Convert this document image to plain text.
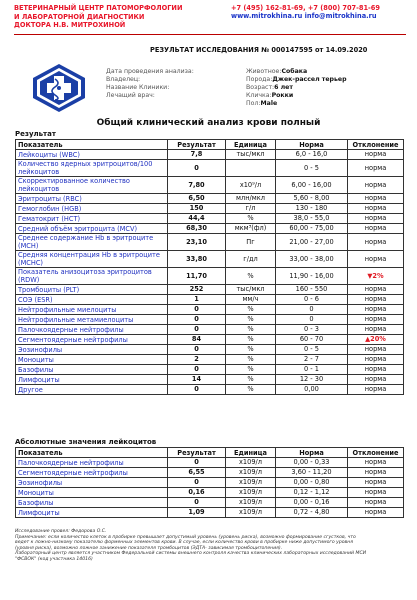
ВЕТЕРИНАРНЫЙ ЦЕНТР ПАТОМОРФОЛОГИИ
И ЛАБОРАТОРНОЙ ДИАГНОСТИКИ
ДОКТОРА Н.В. МИТРОХИНОЙ
+7 (495) 162-81-69, +7 (800) 707-81-69
www.mitrokhina.ru info@mitrokhina.ru
РЕЗУЛЬТАТ ИССЛЕДОВАНИЯ № 000147595 от 14.09.2020
Дата проведения анализа:
Владелец:
Название Клиники:
Лечащий врач:
Животное:Собака
Порода:Джек-рассел терьер
Возраст:6 лет
Кличка:Рокки
Пол:Male
Общий клинический анализ крови полный
Результат
Показатель	Результат	Единица	Норма	Отклонение
Лейкоциты (WBC)	7,8	тыс/мкл	6,0 - 16,0	норма
Количество ядерных эритроцитов/100 лейкоцитов	0		0 - 5	норма
Скорректированное количество лейкоцитов	7,80	х10⁹/л	6,00 - 16,00	норма
Эритроциты (RBC)	6,50	млн/мкл	5,60 - 8,00	норма
Гемоглобин (HGB)	150	г/л	130 - 180	норма
Гематокрит (HCT)	44,4	%	38,0 - 55,0	норма
Средний объём эритроцита (MCV)	68,30	мкм³(фл)	60,00 - 75,00	норма
Среднее содержание Hb в эритроците (MCH)	23,10	Пг	21,00 - 27,00	норма
Средняя концентрация Hb в эритроците (MCHC)	33,80	г/дл	33,00 - 38,00	норма
Показатель анизоцитоза эритроцитов (RDW)	11,70	%	11,90 - 16,00	▼2%
Тромбоциты (PLT)	252	тыс/мкл	160 - 550	норма
СОЭ (ESR)	1	мм/ч	0 - 6	норма
Нейтрофильные миелоциты	0	%	0	норма
Нейтрофильные метамиелоциты	0	%	0	норма
Палочкоядерные нейтрофилы	0	%	0 - 3	норма
Сегментоядерные нейтрофилы	84	%	60 - 70	▲20%
Эозинофилы	0	%	0 - 5	норма
Моноциты	2	%	2 - 7	норма
Базофилы	0	%	0 - 1	норма
Лимфоциты	14	%	12 - 30	норма
Другое	0	%	0,00	норма
Абсолютные значения лейкоцитов
Показатель	Результат	Единица	Норма	Отклонение
Палочкоядерные нейтрофилы	0	х109/л	0,00 - 0,33	норма
Сегментоядерные нейтрофилы	6,55	х109/л	3,60 - 11,20	норма
Эозинофилы	0	х109/л	0,00 - 0,80	норма
Моноциты	0,16	х109/л	0,12 - 1,12	норма
Базофилы	0	х109/л	0,00 - 0,16	норма
Лимфоциты	1,09	х109/л	0,72 - 4,80	норма
Исследование провел: Федорова О.С.
Примечание: если количество клеток в пробирке превышает допустимый уровень (уровень риска), возможно формирование сгустков, что
ведет к ложно-низкому показателю форменных элементов крови. В случае, если количество крови в пробирке ниже допустимого уровня
(уровня риска), возможно ложное занижение показателя тромбоцитов (ЭДТА- зависимая тромбоцитопения).
Лабораторный центр является участником Федеральной системы внешнего контроля качества клинических лабораторных исследований МСИ
"ФСВОК" (код участника 14016)
